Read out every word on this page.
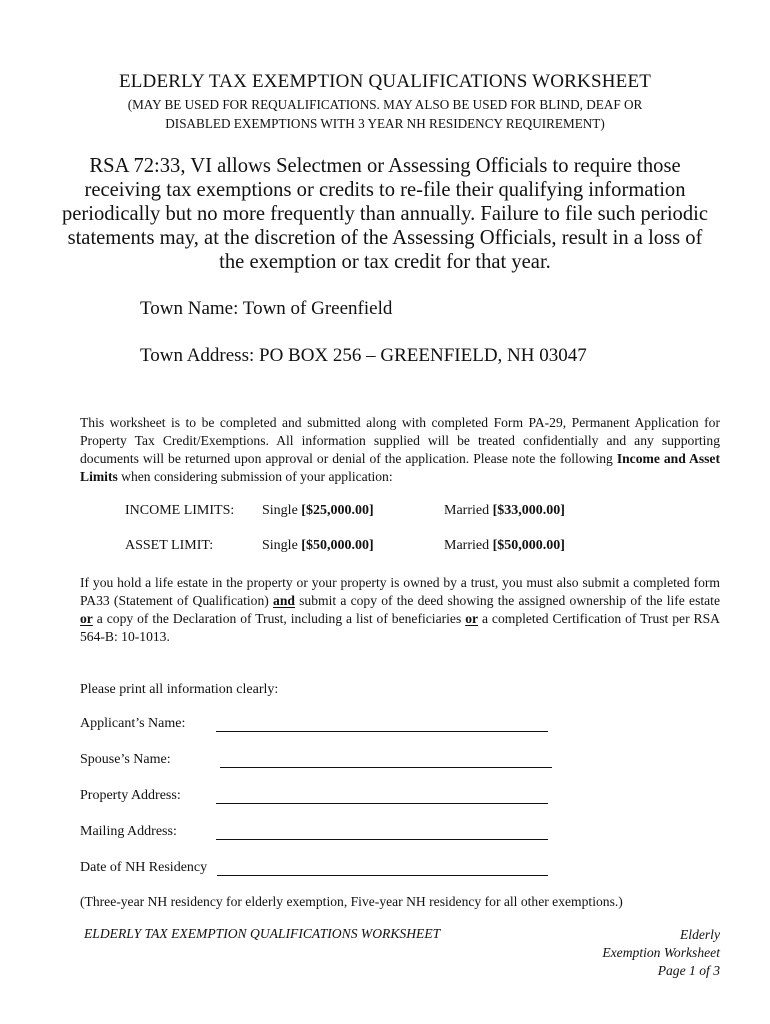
ELDERLY TAX EXEMPTION QUALIFICATIONS WORKSHEET
(MAY BE USED FOR REQUALIFICATIONS. MAY ALSO BE USED FOR BLIND, DEAF OR
DISABLED EXEMPTIONS WITH 3 YEAR NH RESIDENCY REQUIREMENT)
RSA 72:33, VI allows Selectmen or Assessing Officials to require those
receiving tax exemptions or credits to re-file their qualifying information
periodically but no more frequently than annually. Failure to file such periodic
statements may, at the discretion of the Assessing Officials, result in a loss of
the exemption or tax credit for that year.
Town Name: Town of Greenfield
Town Address: PO BOX 256 – GREENFIELD, NH 03047
This worksheet is to be completed and submitted along with completed Form PA-29, Permanent Application for Property Tax Credit/Exemptions. All information supplied will be treated confidentially and any supporting documents will be returned upon approval or denial of the application. Please note the following Income and Asset Limits when considering submission of your application:
INCOME LIMITS: Single [$25,000.00]	Married [$33,000.00]
ASSET LIMIT:	Single [$50,000.00]	Married [$50,000.00]
If you hold a life estate in the property or your property is owned by a trust, you must also submit a completed form PA33 (Statement of Qualification) and submit a copy of the deed showing the assigned ownership of the life estate or a copy of the Declaration of Trust, including a list of beneficiaries or a completed Certification of Trust per RSA 564-B: 10-1013.
Please print all information clearly:
Applicant’s Name:
Spouse’s Name:
Property Address:
Mailing Address:
Date of NH Residency
(Three-year NH residency for elderly exemption, Five-year NH residency for all other exemptions.)
ELDERLY TAX EXEMPTION QUALIFICATIONS WORKSHEET	Elderly
Exemption Worksheet
Page 1 of 3
